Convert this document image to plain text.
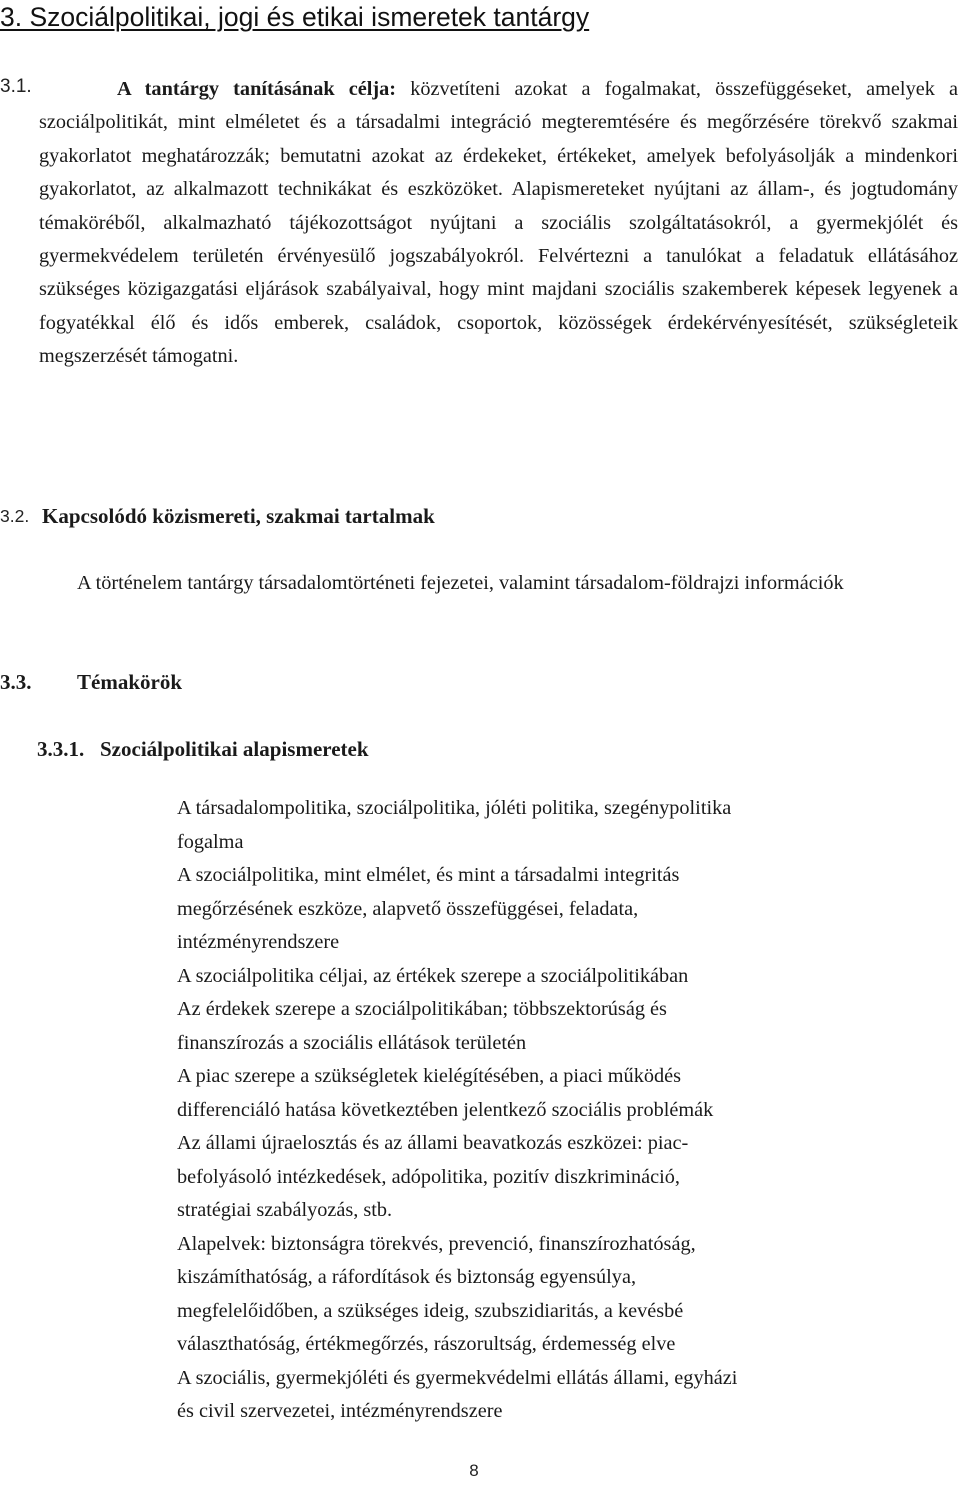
3. Szociálpolitikai, jogi és etikai ismeretek tantárgy
3.1.	A tantárgy tanításának célja: közvetíteni azokat a fogalmakat, összefüggéseket, amelyek a szociálpolitikát, mint elméletet és a társadalmi integráció megteremtésére és megőrzésére törekvő szakmai gyakorlatot meghatározzák; bemutatni azokat az érdekeket, értékeket, amelyek befolyásolják a mindenkori gyakorlatot, az alkalmazott technikákat és eszközöket. Alapismereteket nyújtani az állam-, és jogtudomány témaköréből, alkalmazható tájékozottságot nyújtani a szociális szolgáltatásokról, a gyermekjólét és gyermekvédelem területén érvényesülő jogszabályokról. Felvértezni a tanulókat a feladatuk ellátásához szükséges közigazgatási eljárások szabályaival, hogy mint majdani szociális szakemberek képesek legyenek a fogyatékkal élő és idős emberek, családok, csoportok, közösségek érdekérvényesítését, szükségleteik megszerzését támogatni.

3.2. Kapcsolódó közismereti, szakmai tartalmak

A történelem tantárgy társadalomtörténeti fejezetei, valamint társadalom-földrajzi információk

3.3. Témakörök
3.3.1. Szociálpolitikai alapismeretek
A társadalompolitika, szociálpolitika, jóléti politika, szegénypolitika
fogalma
A szociálpolitika, mint elmélet, és mint a társadalmi integritás
megőrzésének eszköze, alapvető összefüggései, feladata,
intézményrendszere
A szociálpolitika céljai, az értékek szerepe a szociálpolitikában
Az érdekek szerepe a szociálpolitikában; többszektorúság és
finanszírozás a szociális ellátások területén
A piac szerepe a szükségletek kielégítésében, a piaci működés
differenciáló hatása következtében jelentkező szociális problémák
Az állami újraelosztás és az állami beavatkozás eszközei: piac-
befolyásoló intézkedések, adópolitika, pozitív diszkrimináció,
stratégiai szabályozás, stb.
Alapelvek: biztonságra törekvés, prevenció, finanszírozhatóság,
kiszámíthatóság, a ráfordítások és biztonság egyensúlya,
megfelelőidőben, a szükséges ideig, szubszidiaritás, a kevésbé
választhatóság, értékmegőrzés, rászorultság, érdemesség elve
A szociális, gyermekjóléti és gyermekvédelmi ellátás állami, egyházi
és civil szervezetei, intézményrendszere
8
